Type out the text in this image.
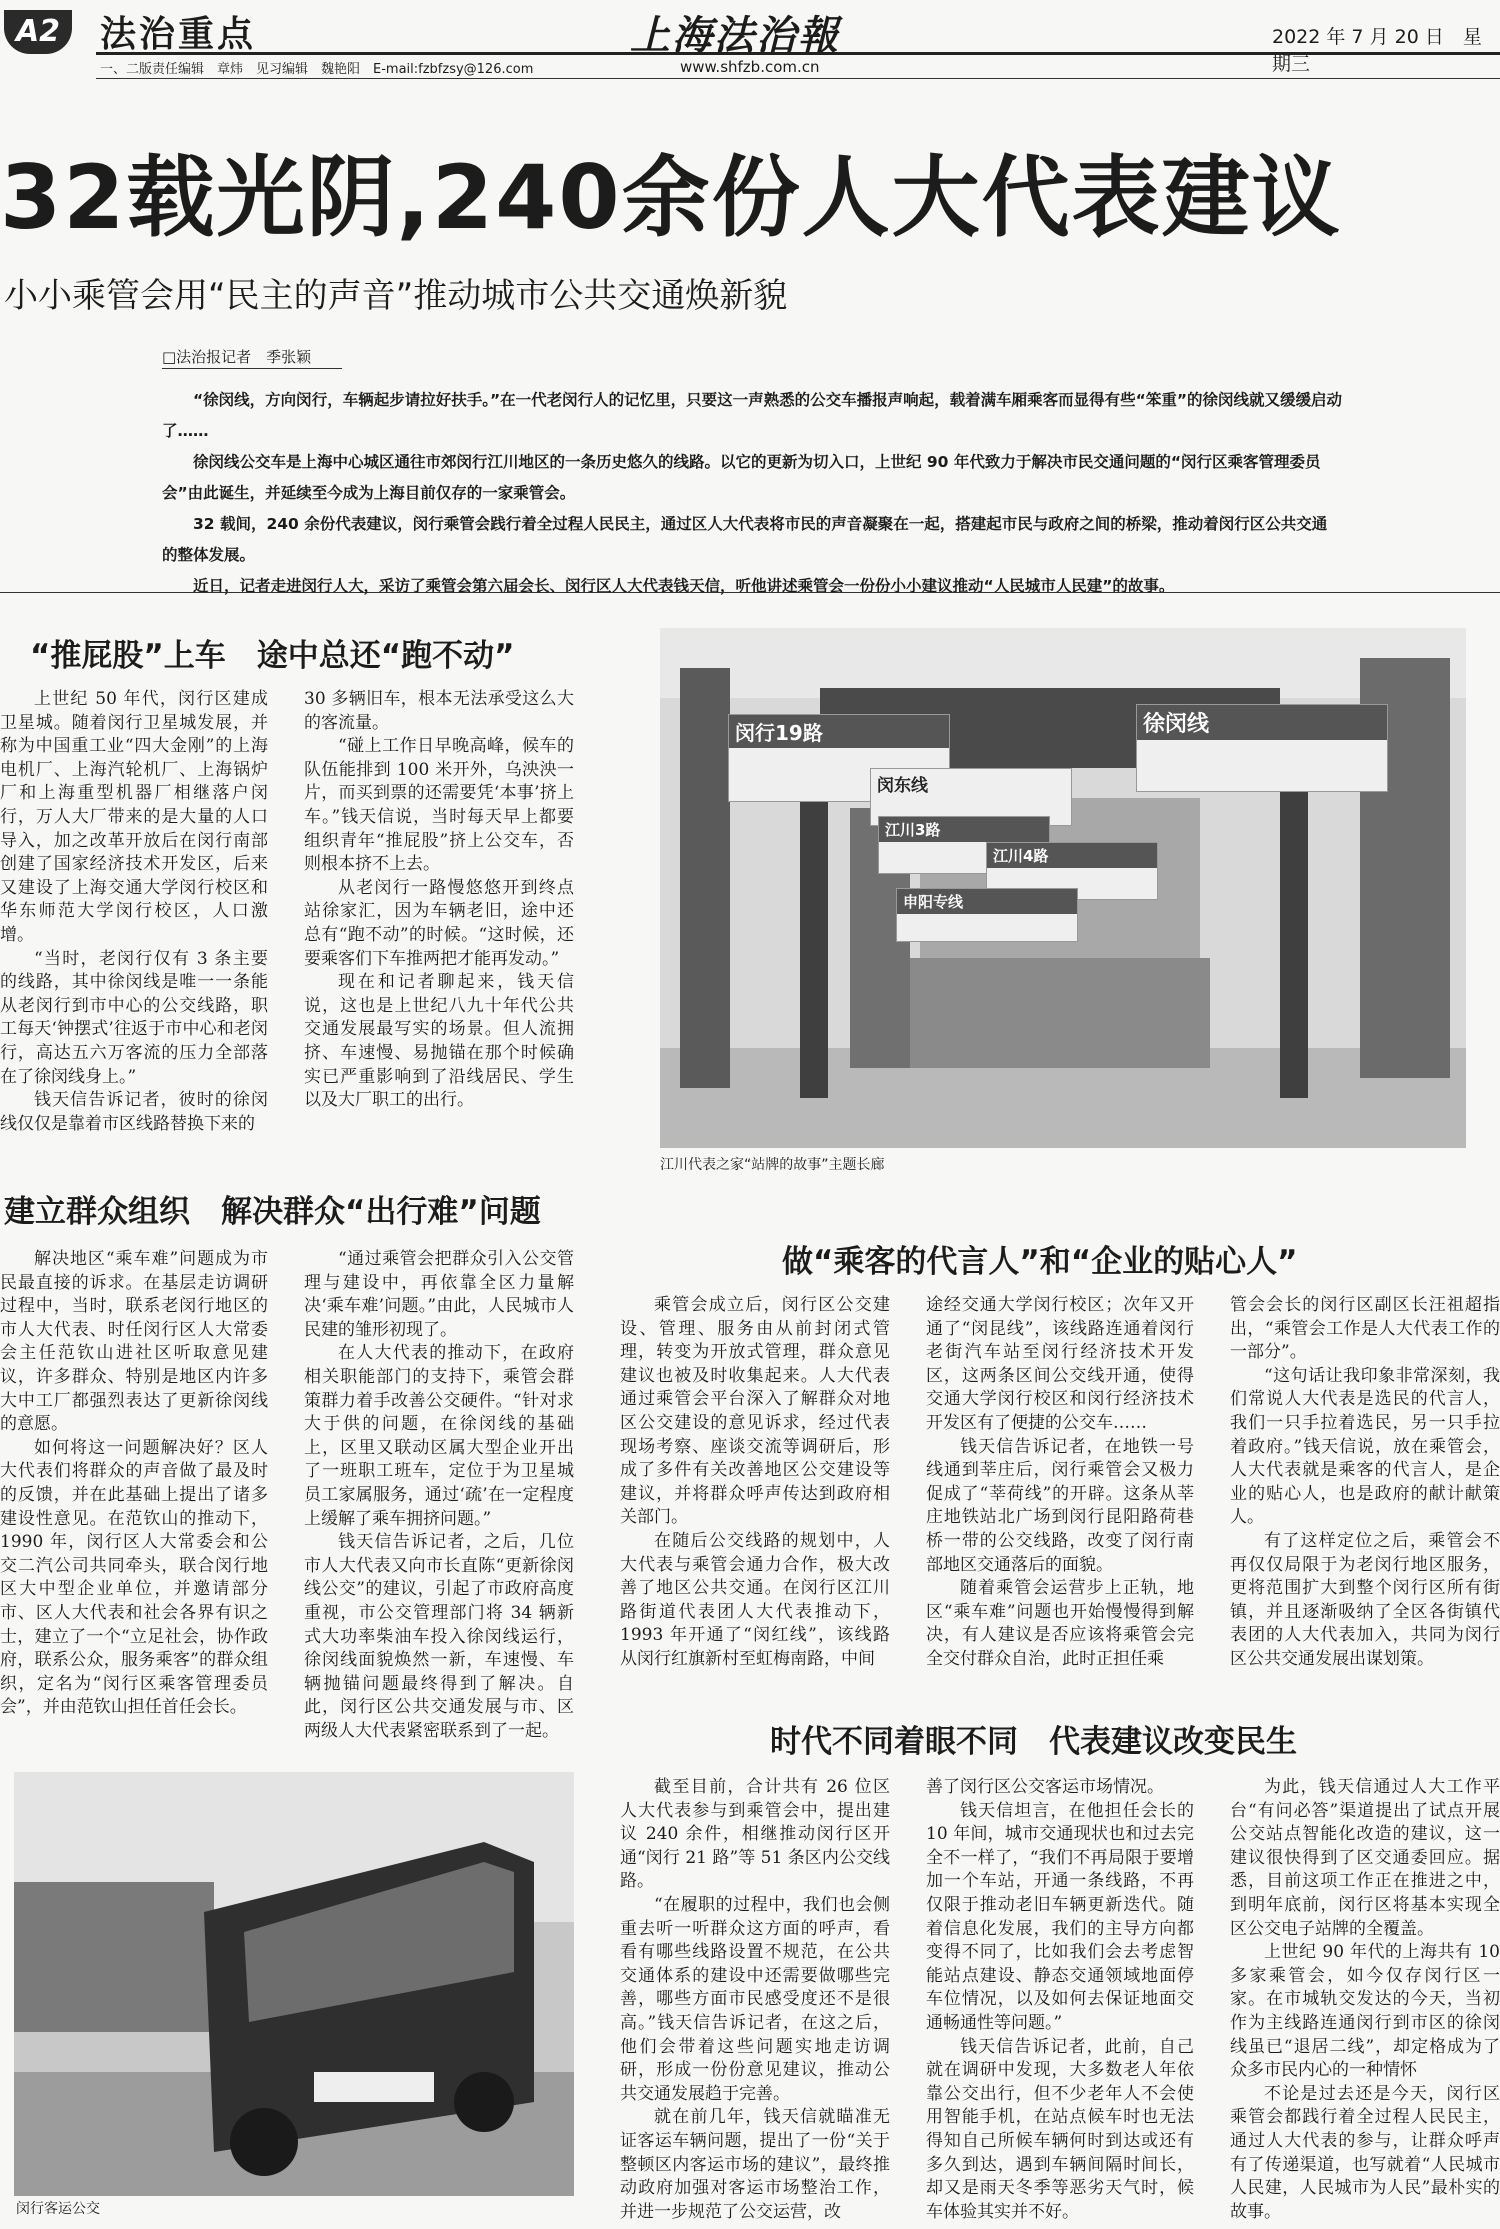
A2	法治重点
一、二版责任编辑　章炜　见习编辑　魏艳阳　E-mail:fzbfzsy@126.com
上海法治報
www.shfzb.com.cn
2022 年 7 月 20 日　星期三
32载光阴,240余份人大代表建议
小小乘管会用“民主的声音”推动城市公共交通焕新貌
□法治报记者　季张颖

“徐闵线，方向闵行，车辆起步请拉好扶手。”在一代老闵行人的记忆里，只要这一声熟悉的公交车播报声响起，载着满车厢乘客而显得有些“笨重”的徐闵线就又缓缓启动了……

徐闵线公交车是上海中心城区通往市郊闵行江川地区的一条历史悠久的线路。以它的更新为切入口，上世纪 90 年代致力于解决市民交通问题的“闵行区乘客管理委员会”由此诞生，并延续至今成为上海目前仅存的一家乘管会。

32 载间，240 余份代表建议，闵行乘管会践行着全过程人民民主，通过区人大代表将市民的声音凝聚在一起，搭建起市民与政府之间的桥梁，推动着闵行区公共交通的整体发展。

近日，记者走进闵行人大，采访了乘管会第六届会长、闵行区人大代表钱天信，听他讲述乘管会一份份小小建议推动“人民城市人民建”的故事。

“推屁股”上车　途中总还“跑不动”

上世纪 50 年代，闵行区建成卫星城。随着闵行卫星城发展，并称为中国重工业“四大金刚”的上海电机厂、上海汽轮机厂、上海锅炉厂和上海重型机器厂相继落户闵行，万人大厂带来的是大量的人口导入，加之改革开放后在闵行南部创建了国家经济技术开发区，后来又建设了上海交通大学闵行校区和华东师范大学闵行校区，人口激增。

“当时，老闵行仅有 3 条主要的线路，其中徐闵线是唯一一条能从老闵行到市中心的公交线路，职工每天‘钟摆式’往返于市中心和老闵行，高达五六万客流的压力全部落在了徐闵线身上。”

钱天信告诉记者，彼时的徐闵线仅仅是靠着市区线路替换下来的

30 多辆旧车，根本无法承受这么大的客流量。

“碰上工作日早晚高峰，候车的队伍能排到 100 米开外，乌泱泱一片，而买到票的还需要凭‘本事’挤上车。”钱天信说，当时每天早上都要组织青年“推屁股”挤上公交车，否则根本挤不上去。

从老闵行一路慢悠悠开到终点站徐家汇，因为车辆老旧，途中还总有“跑不动”的时候。“这时候，还要乘客们下车推两把才能再发动。”

现在和记者聊起来，钱天信说，这也是上世纪八九十年代公共交通发展最写实的场景。但人流拥挤、车速慢、易抛锚在那个时候确实已严重影响到了沿线居民、学生以及大厂职工的出行。

闵行19路	徐闵线
闵东线
江川3路
江川4路
申阳专线
江川代表之家“站牌的故事”主题长廊
建立群众组织　解决群众“出行难”问题

解决地区“乘车难”问题成为市民最直接的诉求。在基层走访调研过程中，当时，联系老闵行地区的市人大代表、时任闵行区人大常委会主任范钦山进社区听取意见建议，许多群众、特别是地区内许多大中工厂都强烈表达了更新徐闵线的意愿。

如何将这一问题解决好？区人大代表们将群众的声音做了最及时的反馈，并在此基础上提出了诸多建设性意见。在范钦山的推动下，1990 年，闵行区人大常委会和公交二汽公司共同牵头，联合闵行地区大中型企业单位，并邀请部分市、区人大代表和社会各界有识之士，建立了一个“立足社会，协作政府，联系公众，服务乘客”的群众组织，定名为“闵行区乘客管理委员会”，并由范钦山担任首任会长。

“通过乘管会把群众引入公交管理与建设中，再依靠全区力量解决‘乘车难’问题。”由此，人民城市人民建的雏形初现了。

在人大代表的推动下，在政府相关职能部门的支持下，乘管会群策群力着手改善公交硬件。“针对求大于供的问题，在徐闵线的基础上，区里又联动区属大型企业开出了一班职工班车，定位于为卫星城员工家属服务，通过‘疏’在一定程度上缓解了乘车拥挤问题。”

钱天信告诉记者，之后，几位市人大代表又向市长直陈“更新徐闵线公交”的建议，引起了市政府高度重视，市公交管理部门将 34 辆新式大功率柴油车投入徐闵线运行，徐闵线面貌焕然一新，车速慢、车辆抛锚问题最终得到了解决。自此，闵行区公共交通发展与市、区两级人大代表紧密联系到了一起。

做“乘客的代言人”和“企业的贴心人”

乘管会成立后，闵行区公交建设、管理、服务由从前封闭式管理，转变为开放式管理，群众意见建议也被及时收集起来。人大代表通过乘管会平台深入了解群众对地区公交建设的意见诉求，经过代表现场考察、座谈交流等调研后，形成了多件有关改善地区公交建设等建议，并将群众呼声传达到政府相关部门。

在随后公交线路的规划中，人大代表与乘管会通力合作，极大改善了地区公共交通。在闵行区江川路街道代表团人大代表推动下，1993 年开通了“闵红线”，该线路从闵行红旗新村至虹梅南路，中间

途经交通大学闵行校区；次年又开通了“闵昆线”，该线路连通着闵行老街汽车站至闵行经济技术开发区，这两条区间公交线开通，使得交通大学闵行校区和闵行经济技术开发区有了便捷的公交车……

钱天信告诉记者，在地铁一号线通到莘庄后，闵行乘管会又极力促成了“莘荷线”的开辟。这条从莘庄地铁站北广场到闵行昆阳路荷巷桥一带的公交线路，改变了闵行南部地区交通落后的面貌。

随着乘管会运营步上正轨，地区“乘车难”问题也开始慢慢得到解决，有人建议是否应该将乘管会完全交付群众自治，此时正担任乘

管会会长的闵行区副区长汪祖超指出，“乘管会工作是人大代表工作的一部分”。

“这句话让我印象非常深刻，我们常说人大代表是选民的代言人，我们一只手拉着选民，另一只手拉着政府。”钱天信说，放在乘管会，人大代表就是乘客的代言人，是企业的贴心人，也是政府的献计献策人。

有了这样定位之后，乘管会不再仅仅局限于为老闵行地区服务，更将范围扩大到整个闵行区所有街镇，并且逐渐吸纳了全区各街镇代表团的人大代表加入，共同为闵行区公共交通发展出谋划策。

闵行客运公交
时代不同着眼不同　代表建议改变民生

截至目前，合计共有 26 位区人大代表参与到乘管会中，提出建议 240 余件，相继推动闵行区开通“闵行 21 路”等 51 条区内公交线路。

“在履职的过程中，我们也会侧重去听一听群众这方面的呼声，看看有哪些线路设置不规范，在公共交通体系的建设中还需要做哪些完善，哪些方面市民感受度还不是很高。”钱天信告诉记者，在这之后，他们会带着这些问题实地走访调研，形成一份份意见建议，推动公共交通发展趋于完善。

就在前几年，钱天信就瞄准无证客运车辆问题，提出了一份“关于整顿区内客运市场的建议”，最终推动政府加强对客运市场整治工作，并进一步规范了公交运营，改

善了闵行区公交客运市场情况。

钱天信坦言，在他担任会长的 10 年间，城市交通现状也和过去完全不一样了，“我们不再局限于要增加一个车站，开通一条线路，不再仅限于推动老旧车辆更新迭代。随着信息化发展，我们的主导方向都变得不同了，比如我们会去考虑智能站点建设、静态交通领域地面停车位情况，以及如何去保证地面交通畅通性等问题。”

钱天信告诉记者，此前，自己就在调研中发现，大多数老人年依靠公交出行，但不少老年人不会使用智能手机，在站点候车时也无法得知自己所候车辆何时到达或还有多久到达，遇到车辆间隔时间长，却又是雨天冬季等恶劣天气时，候车体验其实并不好。

为此，钱天信通过人大工作平台“有问必答”渠道提出了试点开展公交站点智能化改造的建议，这一建议很快得到了区交通委回应。据悉，目前这项工作正在推进之中，到明年底前，闵行区将基本实现全区公交电子站牌的全覆盖。

上世纪 90 年代的上海共有 10 多家乘管会，如今仅存闵行区一家。在市城轨交发达的今天，当初作为主线路连通闵行到市区的徐闵线虽已“退居二线”，却定格成为了众多市民内心的一种情怀

不论是过去还是今天，闵行区乘管会都践行着全过程人民民主，通过人大代表的参与，让群众呼声有了传递渠道，也写就着“人民城市人民建，人民城市为人民”最朴实的故事。
